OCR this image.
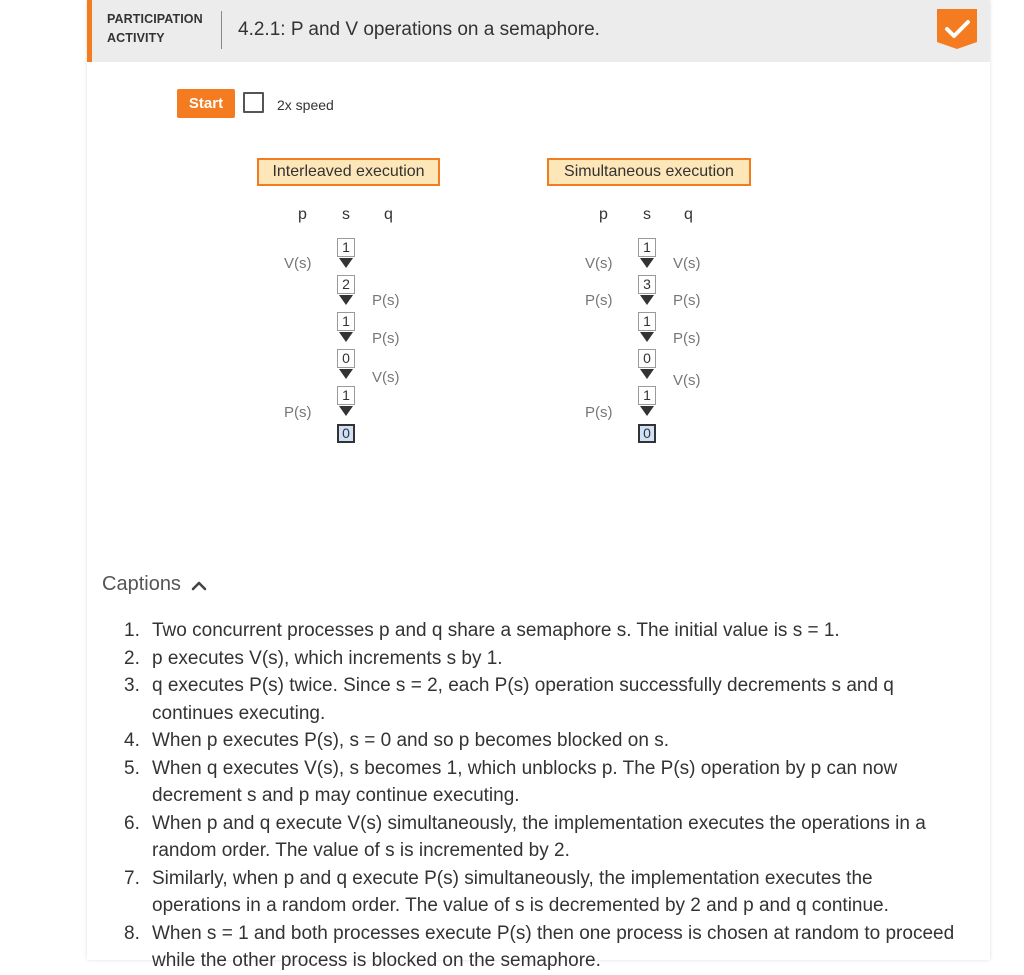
PARTICIPATION
ACTIVITY	4.2.1: P and V operations on a semaphore.
Start	2x speed
Interleaved execution
p s q
1
2
1
0
1
0
V(s)
P(s)
P(s)
P(s)
V(s)
Simultaneous execution
p s q
1
3
1
0
1
0
V(s)
P(s)
P(s)
V(s)
P(s)
P(s)
V(s)
Captions
1. Two concurrent processes p and q share a semaphore s. The initial value is s = 1.
2. p executes V(s), which increments s by 1.
3. q executes P(s) twice. Since s = 2, each P(s) operation successfully decrements s and q continues executing.
4. When p executes P(s), s = 0 and so p becomes blocked on s.
5. When q executes V(s), s becomes 1, which unblocks p. The P(s) operation by p can now decrement s and p may continue executing.
6. When p and q execute V(s) simultaneously, the implementation executes the operations in a random order. The value of s is incremented by 2.
7. Similarly, when p and q execute P(s) simultaneously, the implementation executes the operations in a random order. The value of s is decremented by 2 and p and q continue.
8. When s = 1 and both processes execute P(s) then one process is chosen at random to proceed while the other process is blocked on the semaphore.
